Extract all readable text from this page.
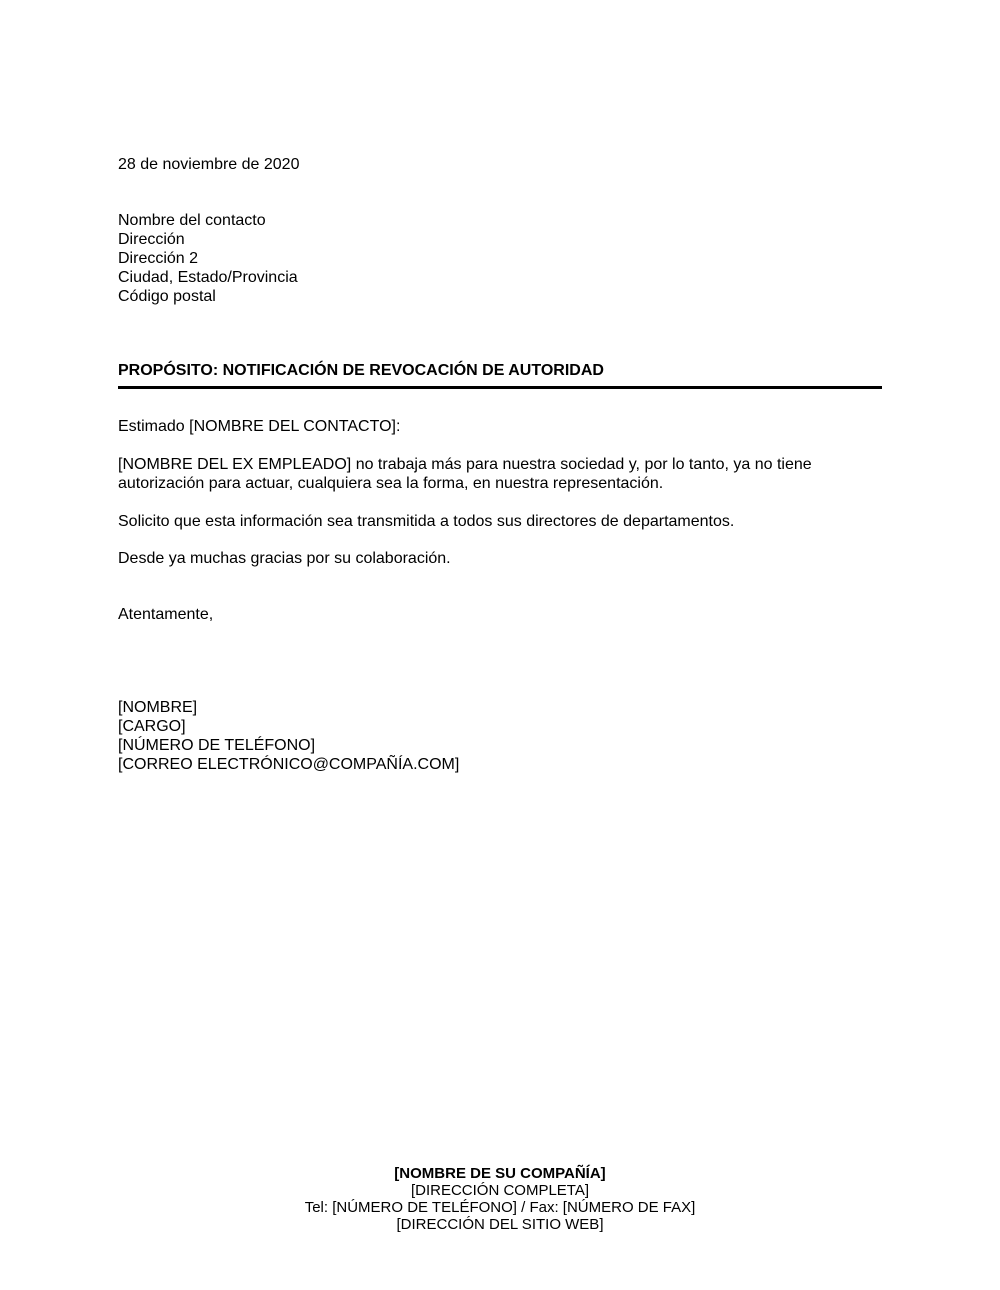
28 de noviembre de 2020
Nombre del contacto
Dirección
Dirección 2
Ciudad, Estado/Provincia
Código postal
PROPÓSITO: NOTIFICACIÓN DE REVOCACIÓN DE AUTORIDAD
Estimado [NOMBRE DEL CONTACTO]:
[NOMBRE DEL EX EMPLEADO] no trabaja más para nuestra sociedad y, por lo tanto, ya no tiene
autorización para actuar, cualquiera sea la forma, en nuestra representación.
Solicito que esta información sea transmitida a todos sus directores de departamentos.
Desde ya muchas gracias por su colaboración.
Atentamente,
[NOMBRE]
[CARGO]
[NÚMERO DE TELÉFONO]
[CORREO ELECTRÓNICO@COMPAÑÍA.COM]
[NOMBRE DE SU COMPAÑÍA]
[DIRECCIÓN COMPLETA]
Tel: [NÚMERO DE TELÉFONO] / Fax: [NÚMERO DE FAX]
[DIRECCIÓN DEL SITIO WEB]
